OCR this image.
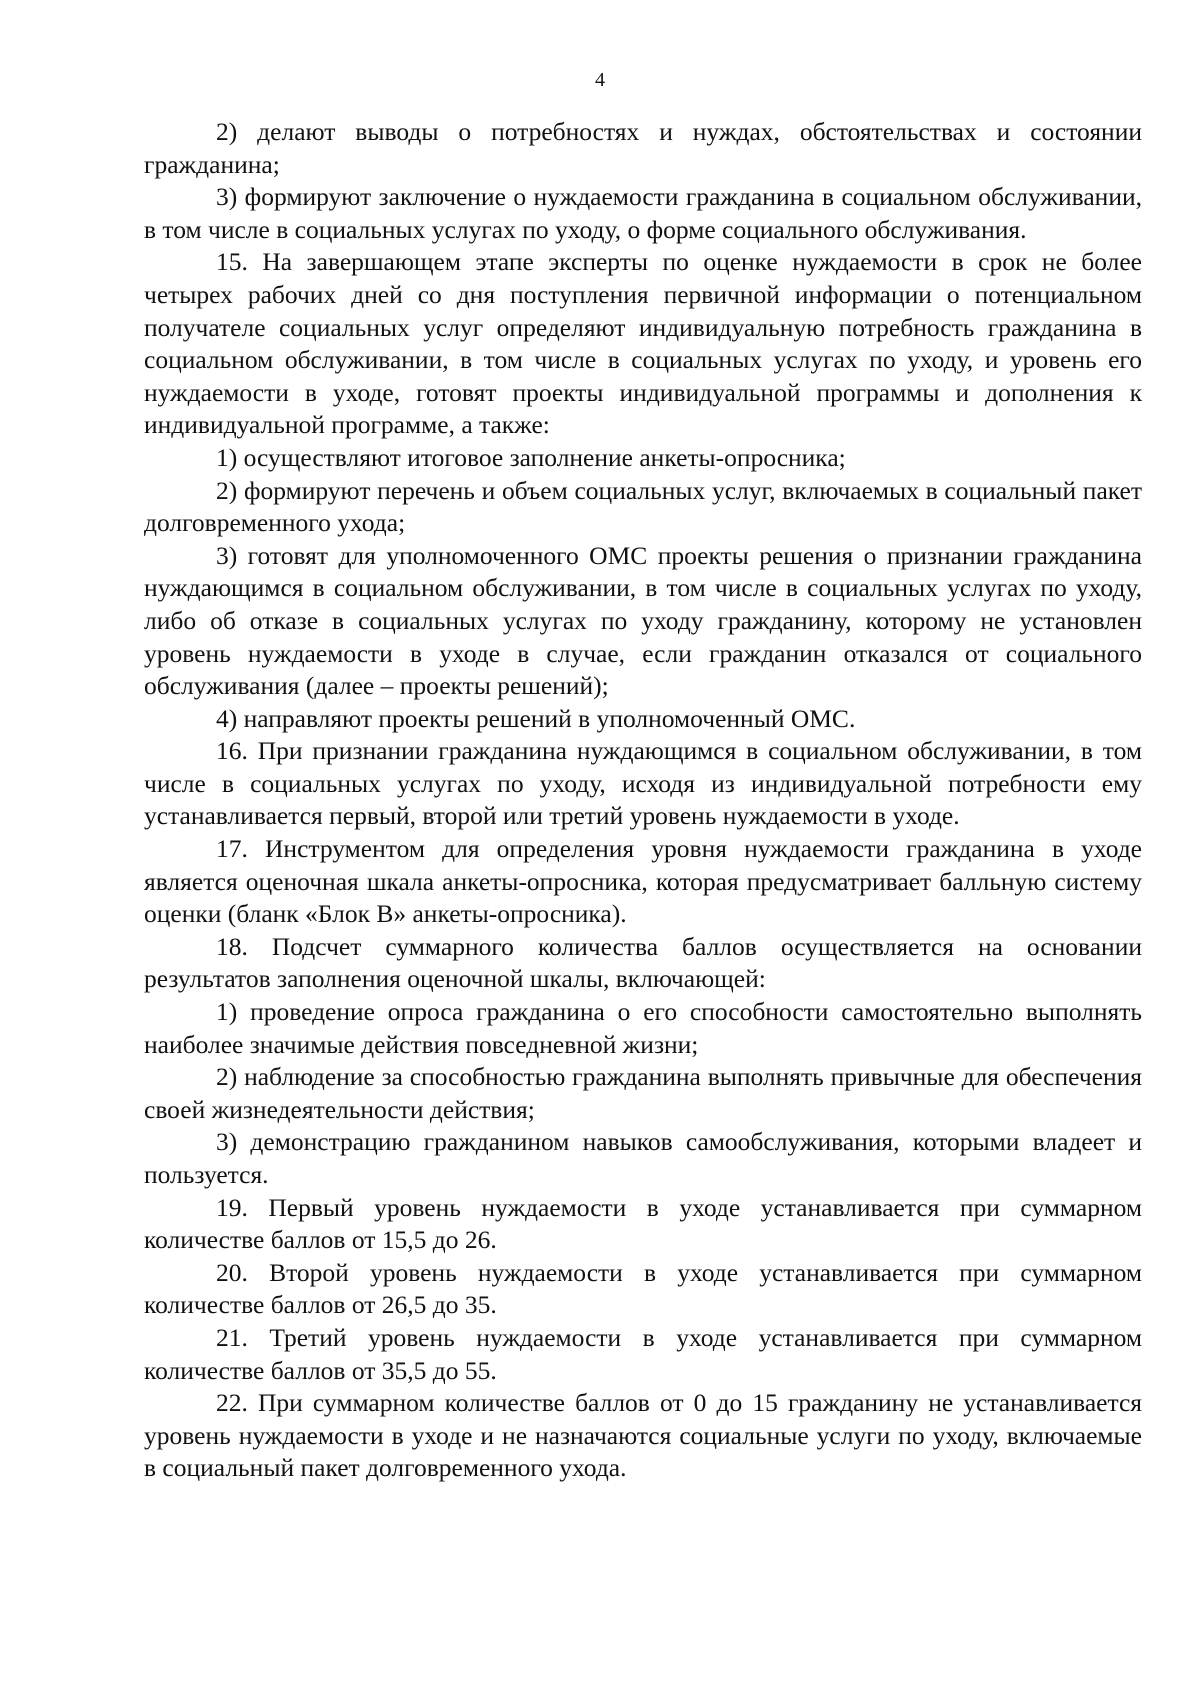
4

2) делают выводы о потребностях и нуждах, обстоятельствах и состоянии гражданина;

3) формируют заключение о нуждаемости гражданина в социальном обслуживании, в том числе в социальных услугах по уходу, о форме социального обслуживания.

15. На завершающем этапе эксперты по оценке нуждаемости в срок не более четырех рабочих дней со дня поступления первичной информации о потенциальном получателе социальных услуг определяют индивидуальную потребность гражданина в социальном обслуживании, в том числе в социальных услугах по уходу, и уровень его нуждаемости в уходе, готовят проекты индивидуальной программы и дополнения к индивидуальной программе, а также:

1) осуществляют итоговое заполнение анкеты-опросника;

2) формируют перечень и объем социальных услуг, включаемых в социальный пакет долговременного ухода;

3) готовят для уполномоченного ОМС проекты решения о признании гражданина нуждающимся в социальном обслуживании, в том числе в социальных услугах по уходу, либо об отказе в социальных услугах по уходу гражданину, которому не установлен уровень нуждаемости в уходе в случае, если гражданин отказался от социального обслуживания (далее – проекты решений);

4) направляют проекты решений в уполномоченный ОМС.

16. При признании гражданина нуждающимся в социальном обслуживании, в том числе в социальных услугах по уходу, исходя из индивидуальной потребности ему устанавливается первый, второй или третий уровень нуждаемости в уходе.

17. Инструментом для определения уровня нуждаемости гражданина в уходе является оценочная шкала анкеты-опросника, которая предусматривает балльную систему оценки (бланк «Блок В» анкеты-опросника).

18. Подсчет суммарного количества баллов осуществляется на основании результатов заполнения оценочной шкалы, включающей:

1) проведение опроса гражданина о его способности самостоятельно выполнять наиболее значимые действия повседневной жизни;

2) наблюдение за способностью гражданина выполнять привычные для обеспечения своей жизнедеятельности действия;

3) демонстрацию гражданином навыков самообслуживания, которыми владеет и пользуется.

19. Первый уровень нуждаемости в уходе устанавливается при суммарном количестве баллов от 15,5 до 26.

20. Второй уровень нуждаемости в уходе устанавливается при суммарном количестве баллов от 26,5 до 35.

21. Третий уровень нуждаемости в уходе устанавливается при суммарном количестве баллов от 35,5 до 55.

22. При суммарном количестве баллов от 0 до 15 гражданину не устанавливается уровень нуждаемости в уходе и не назначаются социальные услуги по уходу, включаемые в социальный пакет долговременного ухода.
